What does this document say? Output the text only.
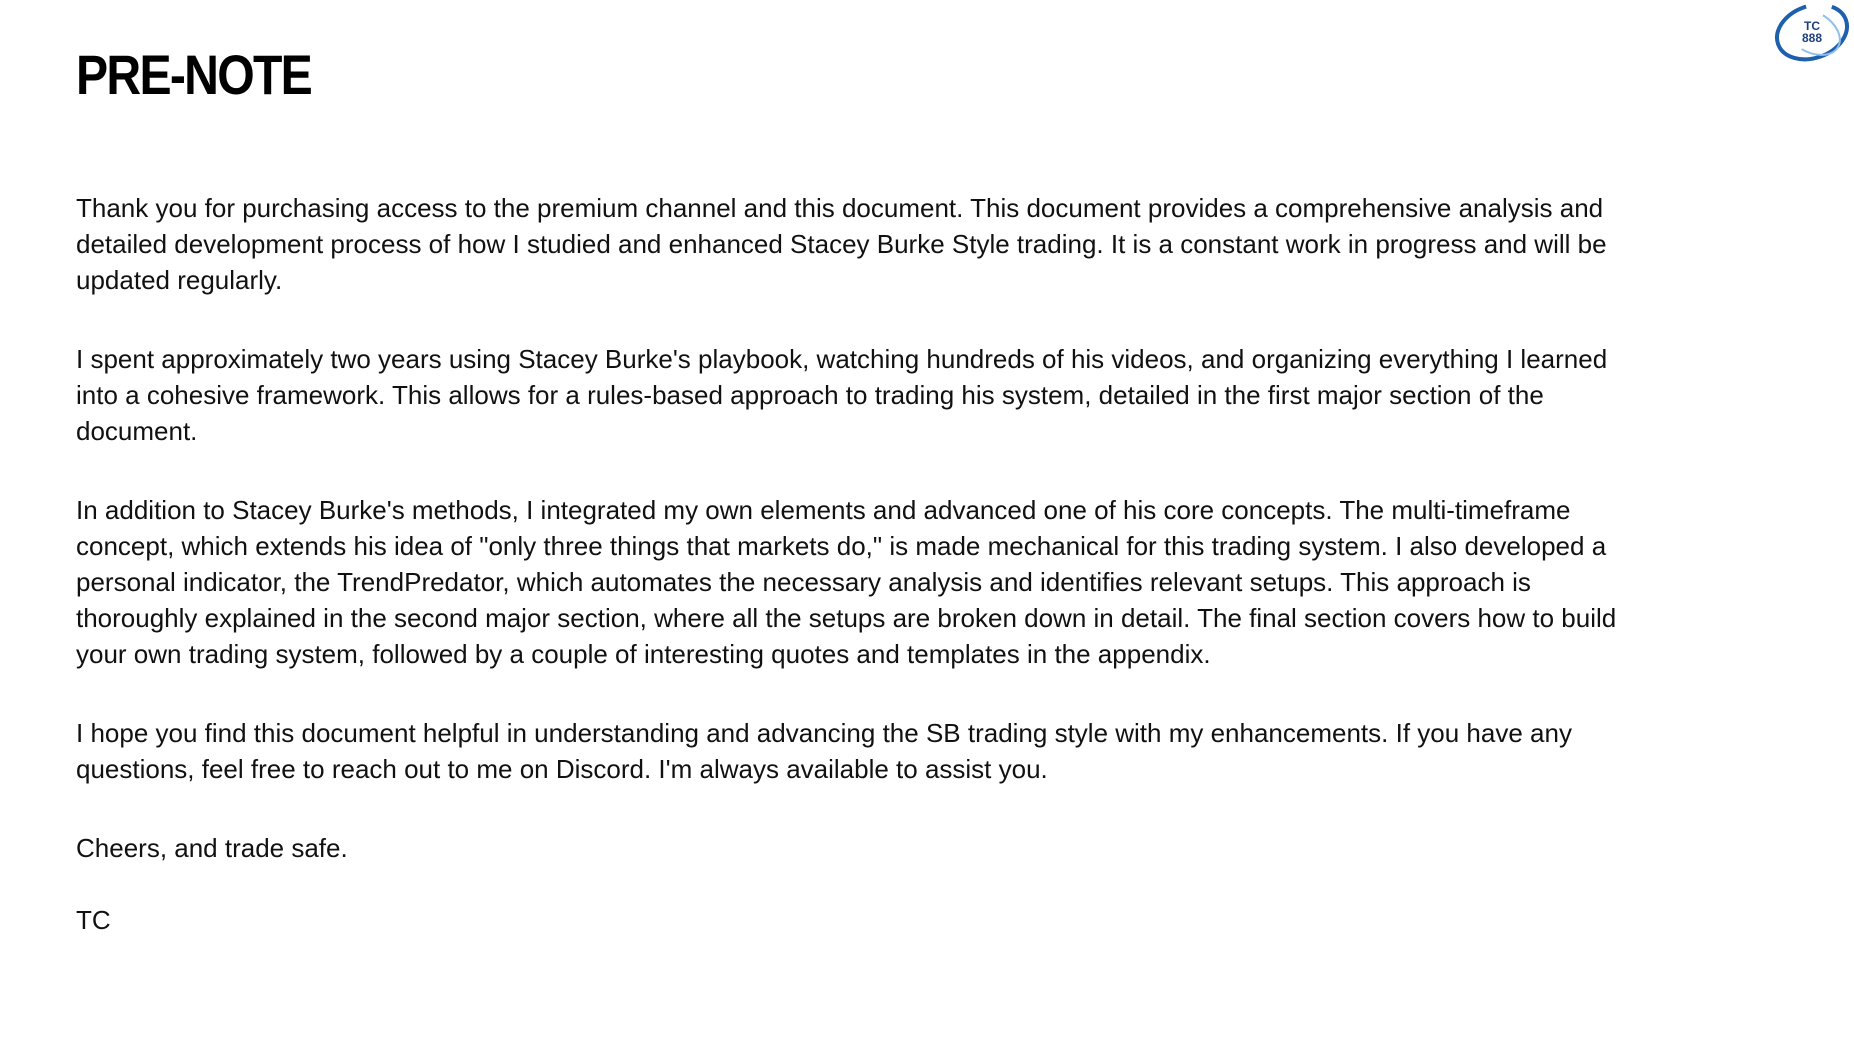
PRE-NOTE
TC
888

Thank you for purchasing access to the premium channel and this document. This document provides a comprehensive analysis and detailed development process of how I studied and enhanced Stacey Burke Style trading. It is a constant work in progress and will be updated regularly.

I spent approximately two years using Stacey Burke's playbook, watching hundreds of his videos, and organizing everything I learned into a cohesive framework. This allows for a rules-based approach to trading his system, detailed in the first major section of the document.

In addition to Stacey Burke's methods, I integrated my own elements and advanced one of his core concepts. The multi-timeframe concept, which extends his idea of "only three things that markets do," is made mechanical for this trading system. I also developed a personal indicator, the TrendPredator, which automates the necessary analysis and identifies relevant setups. This approach is thoroughly explained in the second major section, where all the setups are broken down in detail. The final section covers how to build your own trading system, followed by a couple of interesting quotes and templates in the appendix.

I hope you find this document helpful in understanding and advancing the SB trading style with my enhancements. If you have any questions, feel free to reach out to me on Discord. I'm always available to assist you.

Cheers, and trade safe.

TC
